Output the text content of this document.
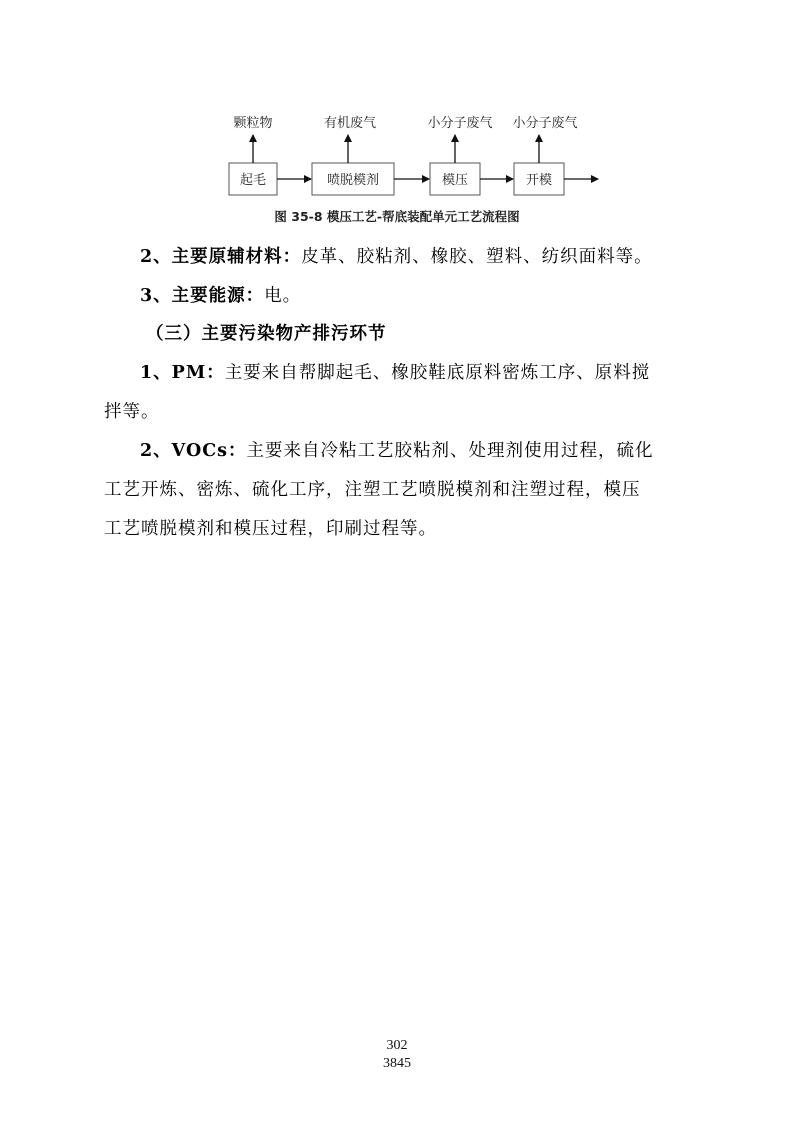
起毛	喷脱模剂	模压	开模
颗粒物	有机废气	小分子废气 小分子废气
图 35-8 模压工艺-帮底装配单元工艺流程图
2、主要原辅材料：皮革、胶粘剂、橡胶、塑料、纺织面料等。
3、主要能源：电。
（三）主要污染物产排污环节
1、PM：主要来自帮脚起毛、橡胶鞋底原料密炼工序、原料搅
拌等。
2、VOCs：主要来自冷粘工艺胶粘剂、处理剂使用过程，硫化
工艺开炼、密炼、硫化工序，注塑工艺喷脱模剂和注塑过程，模压
工艺喷脱模剂和模压过程，印刷过程等。
302
3845
